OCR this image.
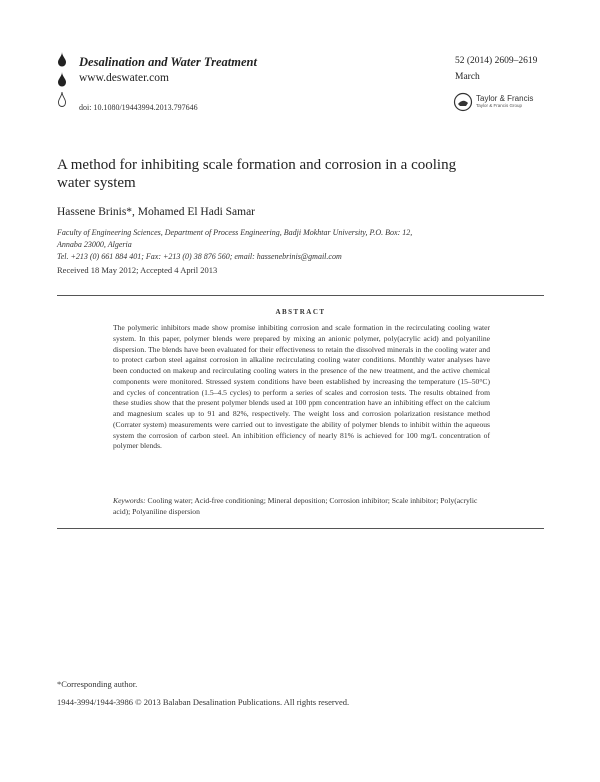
Desalination and Water Treatment
www.deswater.com
doi: 10.1080/19443994.2013.797646
52 (2014) 2609–2619
March
Taylor & Francis
Taylor & Francis Group
A method for inhibiting scale formation and corrosion in a cooling water system
Hassene Brinis*, Mohamed El Hadi Samar
Faculty of Engineering Sciences, Department of Process Engineering, Badji Mokhtar University, P.O. Box: 12,
Annaba 23000, Algeria
Tel. +213 (0) 661 884 401; Fax: +213 (0) 38 876 560; email: hassenebrinis@gmail.com
Received 18 May 2012; Accepted 4 April 2013
ABSTRACT
The polymeric inhibitors made show promise inhibiting corrosion and scale formation in the recirculating cooling water system. In this paper, polymer blends were prepared by mixing an anionic polymer, poly(acrylic acid) and polyaniline dispersion. The blends have been evaluated for their effectiveness to retain the dissolved minerals in the cooling water and to protect carbon steel against corrosion in alkaline recirculating cooling water conditions. Monthly water analyses have been conducted on makeup and recirculating cooling waters in the presence of the new treatment, and the active chemical components were monitored. Stressed system conditions have been established by increasing the temperature (15–50°C) and cycles of concentration (1.5–4.5 cycles) to perform a series of scales and corrosion tests. The results obtained from these studies show that the present polymer blends used at 100 ppm concentration have an inhibiting effect on the calcium and magnesium scales up to 91 and 82%, respectively. The weight loss and corrosion polarization resistance method (Corrater system) measurements were carried out to investigate the ability of polymer blends to inhibit within the aqueous system the corrosion of carbon steel. An inhibition efficiency of nearly 81% is achieved for 100 mg/L concentration of polymer blends.
Keywords: Cooling water; Acid-free conditioning; Mineral deposition; Corrosion inhibitor; Scale inhibitor; Poly(acrylic acid); Polyaniline dispersion
*Corresponding author.
1944-3994/1944-3986 © 2013 Balaban Desalination Publications. All rights reserved.
